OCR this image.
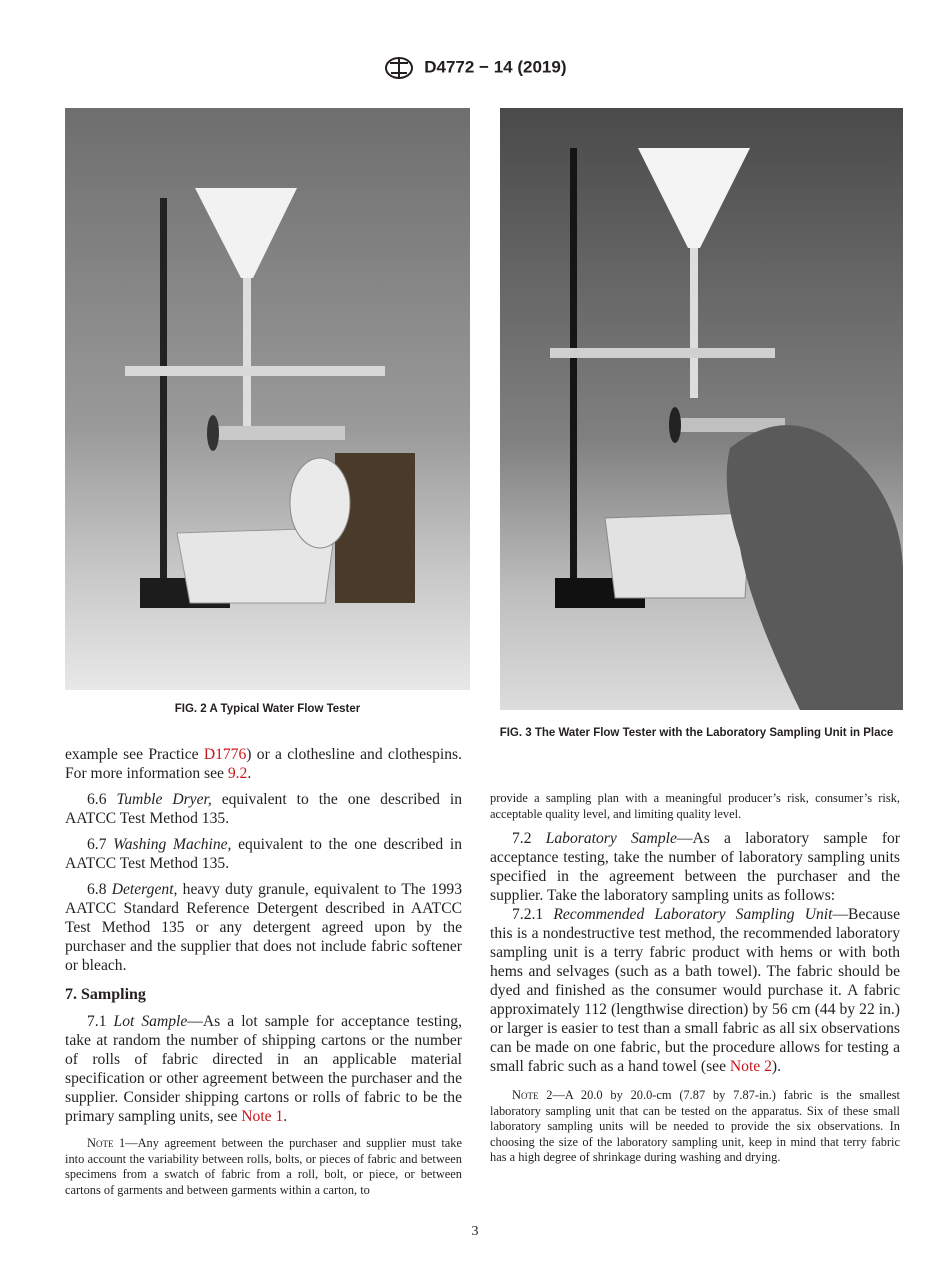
D4772 − 14 (2019)
FIG. 2 A Typical Water Flow Tester
FIG. 3 The Water Flow Tester with the Laboratory Sampling Unit in Place

example see Practice D1776) or a clothesline and clothespins. For more information see 9.2.

6.6 Tumble Dryer, equivalent to the one described in AATCC Test Method 135.

6.7 Washing Machine, equivalent to the one described in AATCC Test Method 135.

6.8 Detergent, heavy duty granule, equivalent to The 1993 AATCC Standard Reference Detergent described in AATCC Test Method 135 or any detergent agreed upon by the purchaser and the supplier that does not include fabric softener or bleach.

7. Sampling

7.1 Lot Sample—As a lot sample for acceptance testing, take at random the number of shipping cartons or the number of rolls of fabric directed in an applicable material specification or other agreement between the purchaser and the supplier. Consider shipping cartons or rolls of fabric to be the primary sampling units, see Note 1.

Note 1—Any agreement between the purchaser and supplier must take into account the variability between rolls, bolts, or pieces of fabric and between specimens from a swatch of fabric from a roll, bolt, or piece, or between cartons of garments and between garments within a carton, to

provide a sampling plan with a meaningful producer’s risk, consumer’s risk, acceptable quality level, and limiting quality level.

7.2 Laboratory Sample—As a laboratory sample for acceptance testing, take the number of laboratory sampling units specified in the agreement between the purchaser and the supplier. Take the laboratory sampling units as follows:

7.2.1 Recommended Laboratory Sampling Unit—Because this is a nondestructive test method, the recommended laboratory sampling unit is a terry fabric product with hems or with both hems and selvages (such as a bath towel). The fabric should be dyed and finished as the consumer would purchase it. A fabric approximately 112 (lengthwise direction) by 56 cm (44 by 22 in.) or larger is easier to test than a small fabric as all six observations can be made on one fabric, but the procedure allows for testing a small fabric such as a hand towel (see Note 2).

Note 2—A 20.0 by 20.0-cm (7.87 by 7.87-in.) fabric is the smallest laboratory sampling unit that can be tested on the apparatus. Six of these small laboratory sampling units will be needed to provide the six observations. In choosing the size of the laboratory sampling unit, keep in mind that terry fabric has a high degree of shrinkage during washing and drying.

3
